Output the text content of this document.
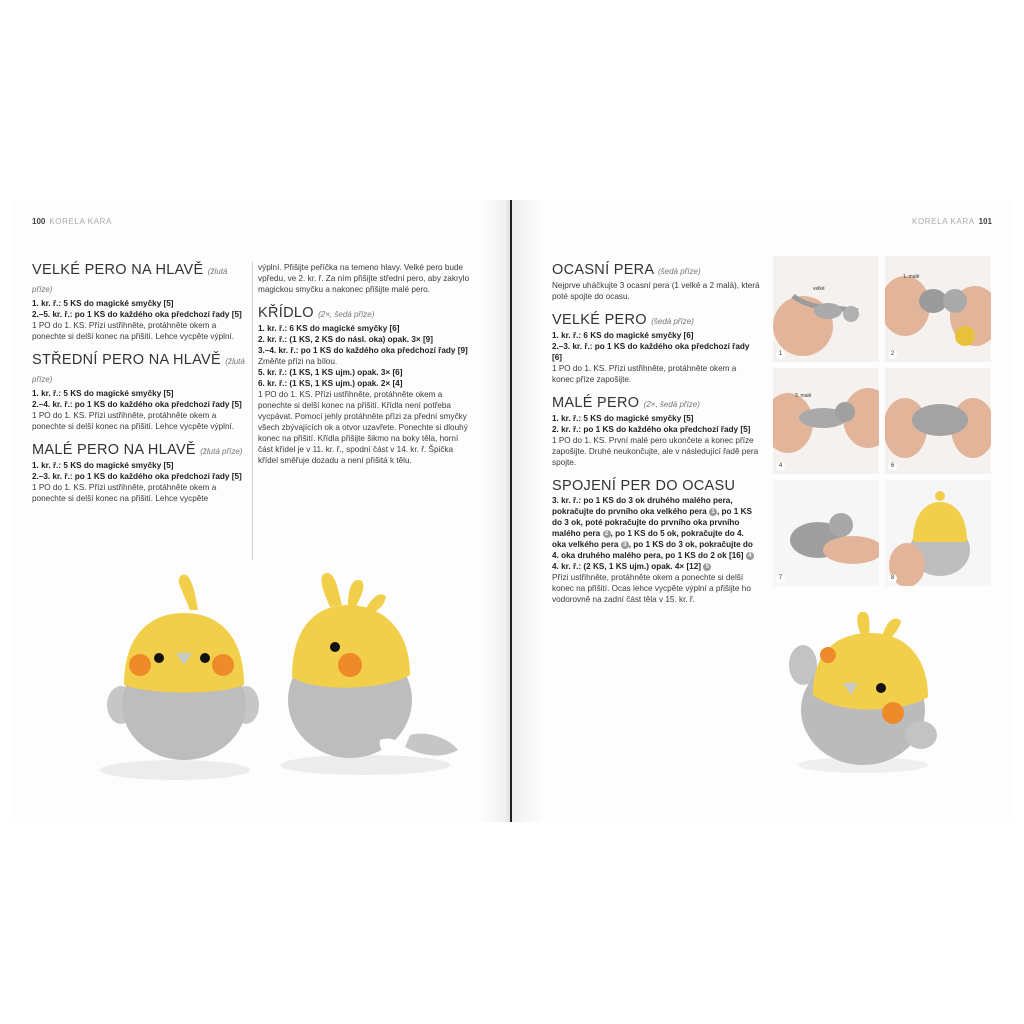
100 KORELA KARA

VELKÉ PERO NA HLAVĚ (žlutá příze)

1. kr. ř.: 5 KS do magické smyčky [5]

2.–5. kr. ř.: po 1 KS do každého oka předchozí řady [5]

1 PO do 1. KS. Přízi ustřihněte, protáhněte okem a ponechte si delší konec na přišití. Lehce vycpěte výplní.

STŘEDNÍ PERO NA HLAVĚ (žlutá příze)

1. kr. ř.: 5 KS do magické smyčky [5]

2.–4. kr. ř.: po 1 KS do každého oka předchozí řady [5]

1 PO do 1. KS. Přízi ustřihněte, protáhněte okem a ponechte si delší konec na přišití. Lehce vycpěte výplní.

MALÉ PERO NA HLAVĚ (žlutá příze)

1. kr. ř.: 5 KS do magické smyčky [5]

2.–3. kr. ř.: po 1 KS do každého oka předchozí řady [5]

1 PO do 1. KS. Přízi ustřihněte, protáhněte okem a ponechte si delší konec na přišití. Lehce vycpěte

výplní. Přišijte peříčka na temeno hlavy. Velké pero bude vpředu, ve 2. kr. ř. Za ním přišijte střední pero, aby zakrylo magickou smyčku a nakonec přišijte malé pero.

KŘÍDLO (2×, šedá příze)

1. kr. ř.: 6 KS do magické smyčky [6]

2. kr. ř.: (1 KS, 2 KS do násl. oka) opak. 3× [9]

3.–4. kr. ř.: po 1 KS do každého oka předchozí řady [9]

Změňte přízi na bílou.

5. kr. ř.: (1 KS, 1 KS ujm.) opak. 3× [6]

6. kr. ř.: (1 KS, 1 KS ujm.) opak. 2× [4]

1 PO do 1. KS. Přízi ustřihněte, protáhněte okem a ponechte si delší konec na přišití. Křídla není potřeba vycpávat. Pomocí jehly protáhněte přízi za přední smyčky všech zbývajících ok a otvor uzavřete. Ponechte si dlouhý konec na přišití. Křídla přišijte šikmo na boky těla, horní část křídel je v 11. kr. ř., spodní část v 14. kr. ř. Špička křídel směřuje dozadu a není přišitá k tělu.

KORELA KARA 101

OCASNÍ PERA (šedá příze)

Nejprve uháčkujte 3 ocasní pera (1 velké a 2 malá), která poté spojte do ocasu.

VELKÉ PERO (šedá příze)

1. kr. ř.: 6 KS do magické smyčky [6]

2.–3. kr. ř.: po 1 KS do každého oka předchozí řady [6]

1 PO do 1. KS. Přízi ustřihněte, protáhněte okem a konec příze zapošijte.

MALÉ PERO (2×, šedá příze)

1. kr. ř.: 5 KS do magické smyčky [5]

2. kr. ř.: po 1 KS do každého oka předchozí řady [5]

1 PO do 1. KS. První malé pero ukončete a konec příze zapošijte. Druhé neukončujte, ale v následující řadě pera spojte.

SPOJENÍ PER DO OCASU

3. kr. ř.: po 1 KS do 3 ok druhého malého pera, pokračujte do prvního oka velkého pera 1 , po 1 KS do 3 ok, poté pokračujte do prvního oka prvního malého pera 2 , po 1 KS do 5 ok, pokračujte do 4. oka velkého pera 3 , po 1 KS do 3 ok, pokračujte do 4. oka druhého malého pera, po 1 KS do 2 ok [16] 4

4. kr. ř.: (2 KS, 1 KS ujm.) opak. 4× [12] 5

Přízi ustřihněte, protáhněte okem a ponechte si delší konec na přišití. Ocas lehce vycpěte výplní a přišijte ho vodorovně na zadní část těla v 15. kr. ř.

velké
1
1. malé
2
2. malé
4	6
7	8
